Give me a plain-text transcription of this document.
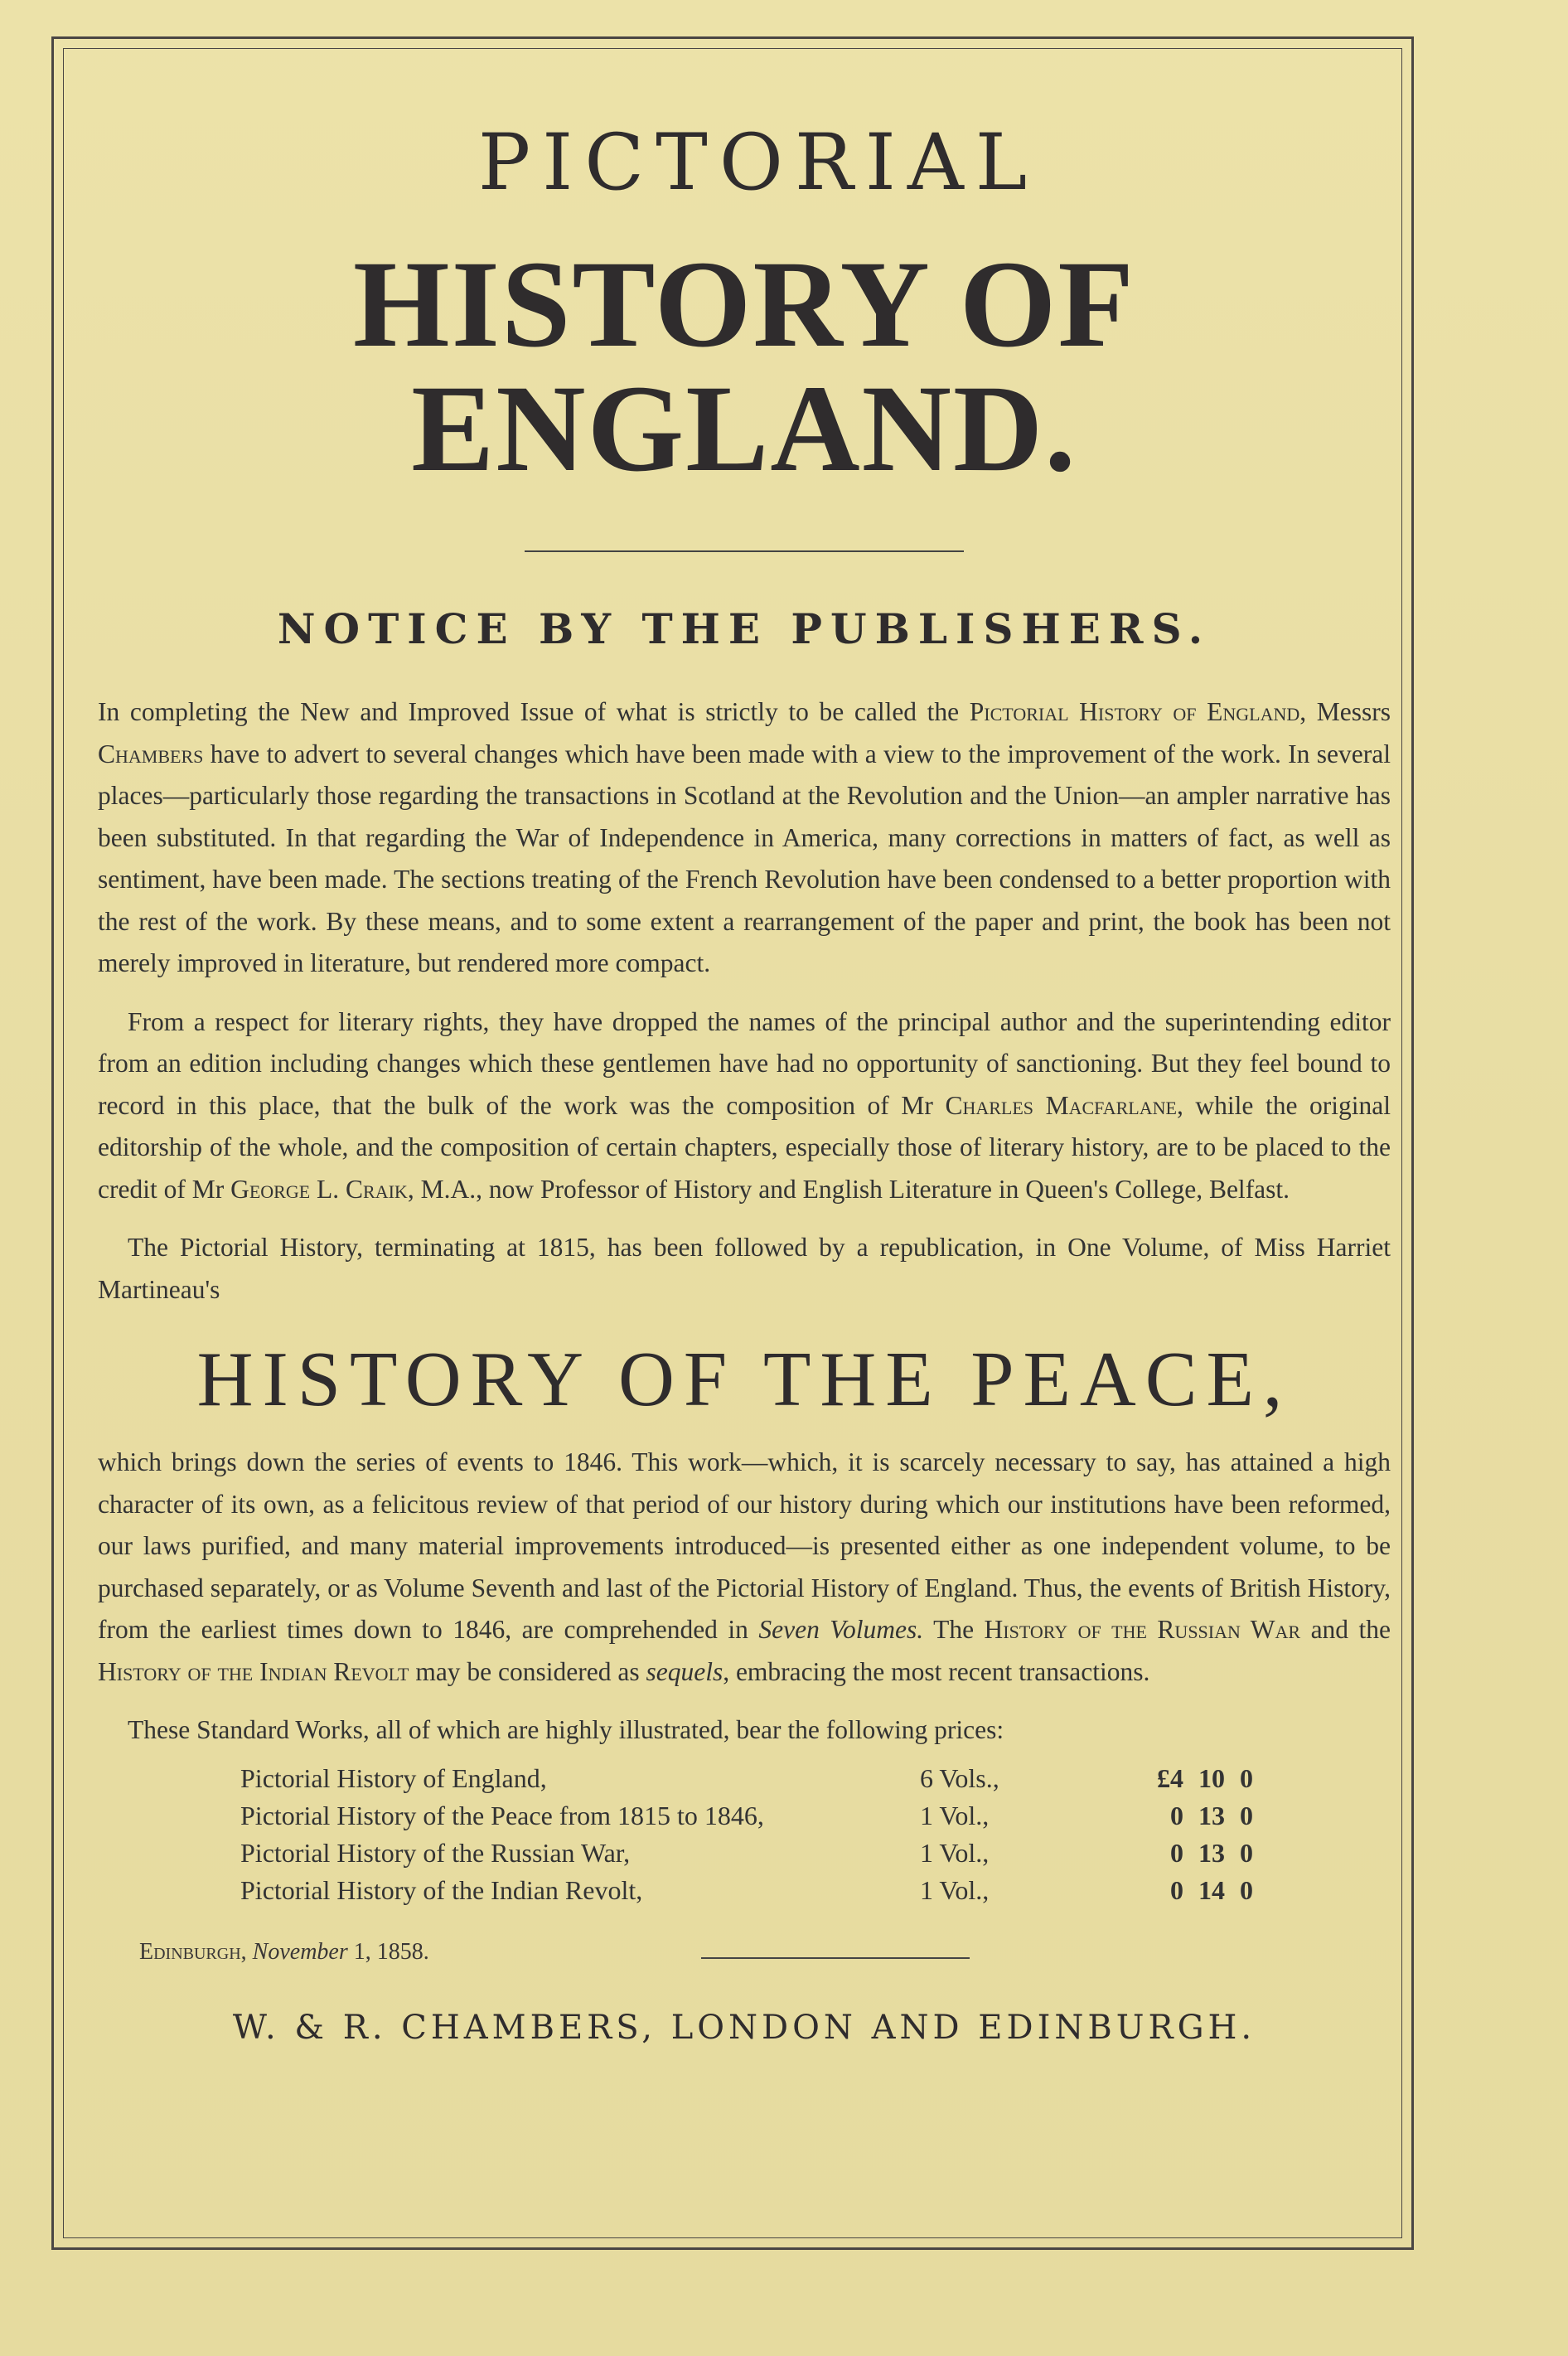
PICTORIAL
HISTORY OF ENGLAND.
NOTICE BY THE PUBLISHERS.

In completing the New and Improved Issue of what is strictly to be called the Pictorial History of England, Messrs Chambers have to advert to several changes which have been made with a view to the improvement of the work. In several places—particularly those regarding the transactions in Scotland at the Revolution and the Union—an ampler narrative has been substituted. In that regarding the War of Independence in America, many corrections in matters of fact, as well as sentiment, have been made. The sections treating of the French Revolution have been condensed to a better proportion with the rest of the work. By these means, and to some extent a rearrangement of the paper and print, the book has been not merely improved in literature, but rendered more compact.

From a respect for literary rights, they have dropped the names of the principal author and the superintending editor from an edition including changes which these gentlemen have had no opportunity of sanctioning. But they feel bound to record in this place, that the bulk of the work was the composition of Mr Charles Macfarlane, while the original editorship of the whole, and the composition of certain chapters, especially those of literary history, are to be placed to the credit of Mr George L. Craik, M.A., now Professor of History and English Literature in Queen's College, Belfast.

The Pictorial History, terminating at 1815, has been followed by a republication, in One Volume, of Miss Harriet Martineau's

HISTORY OF THE PEACE,

which brings down the series of events to 1846. This work—which, it is scarcely necessary to say, has attained a high character of its own, as a felicitous review of that period of our history during which our institutions have been reformed, our laws purified, and many material improvements introduced—is presented either as one independent volume, to be purchased separately, or as Volume Seventh and last of the Pictorial History of England. Thus, the events of British History, from the earliest times down to 1846, are comprehended in Seven Volumes. The History of the Russian War and the History of the Indian Revolt may be considered as sequels, embracing the most recent transactions.

These Standard Works, all of which are highly illustrated, bear the following prices:

Pictorial History of England,	6 Vols.,	£4 10 0
Pictorial History of the Peace from 1815 to 1846,	1 Vol.,	0 13 0
Pictorial History of the Russian War,	1 Vol.,	0 13 0
Pictorial History of the Indian Revolt,	1 Vol.,	0 14 0
Edinburgh, November 1, 1858.
W. & R. CHAMBERS, LONDON AND EDINBURGH.
